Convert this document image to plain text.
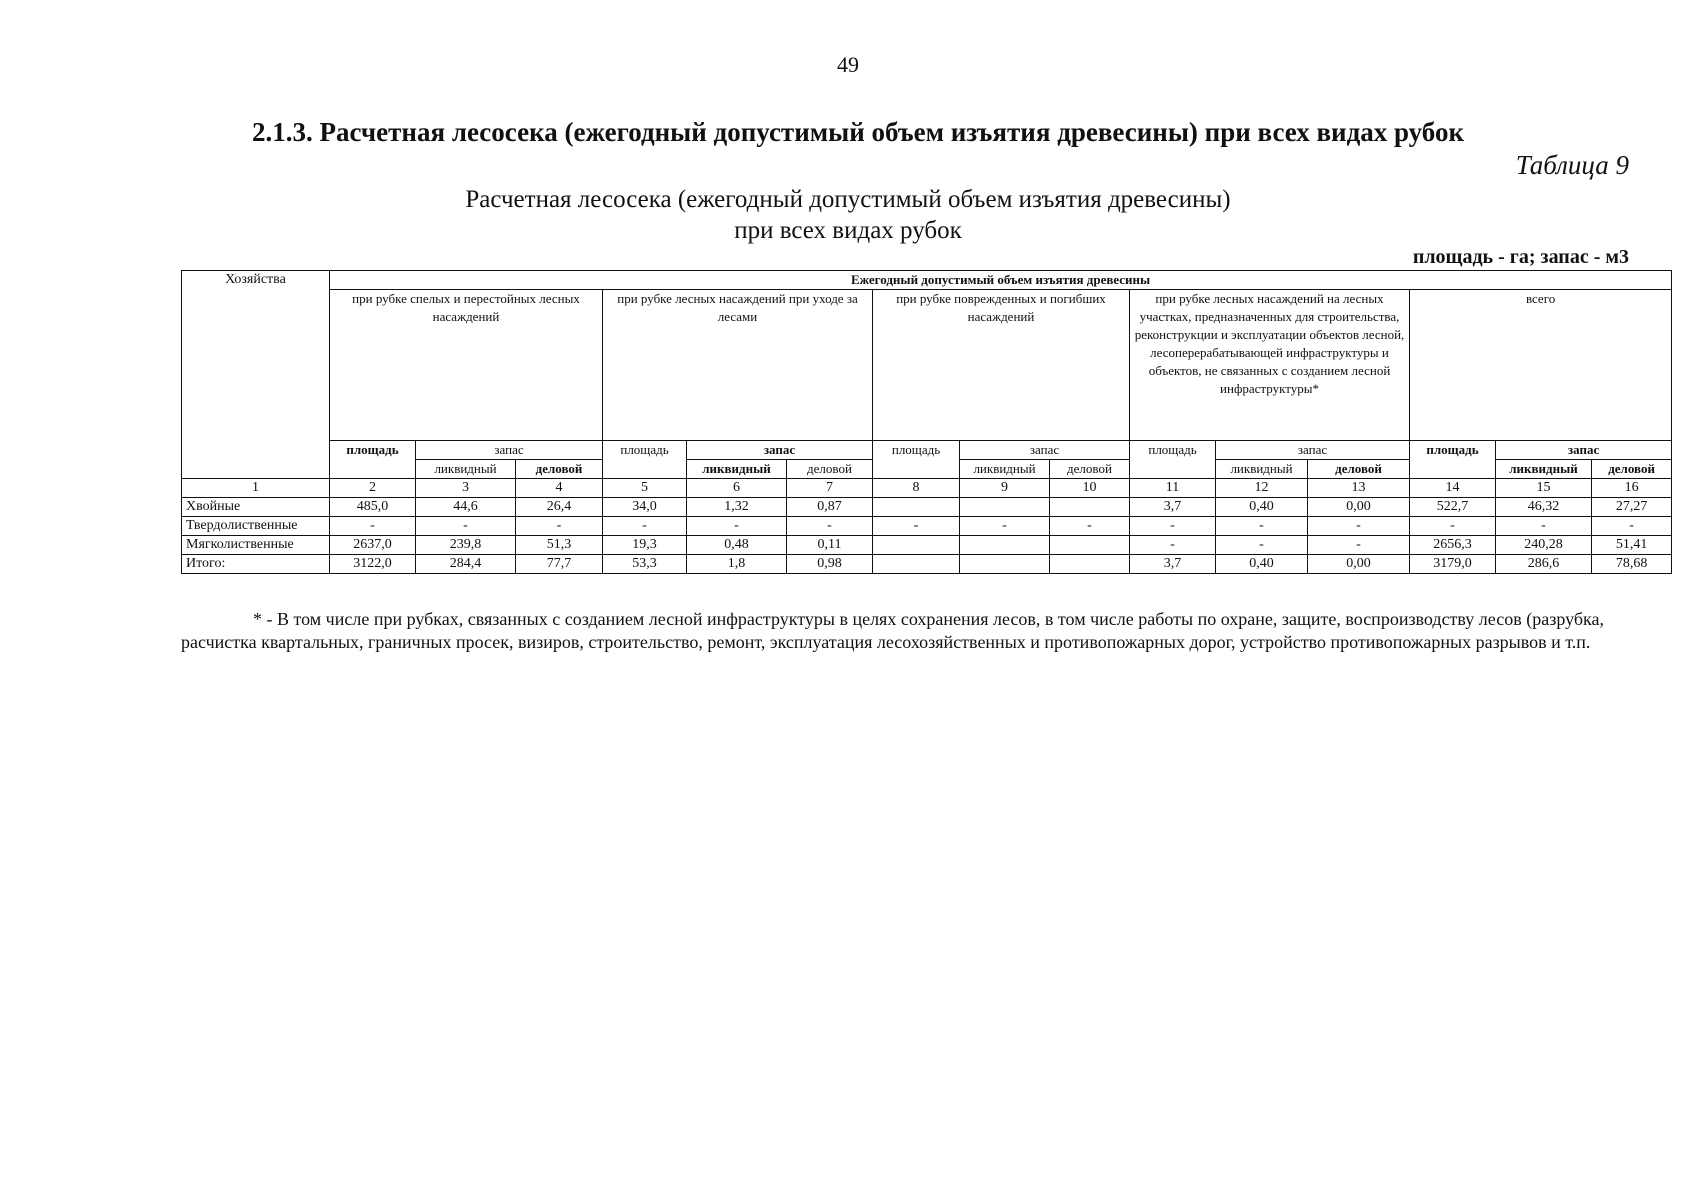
49
2.1.3. Расчетная лесосека (ежегодный допустимый объем изъятия древесины) при всех видах рубок
Таблица 9
Расчетная лесосека (ежегодный допустимый объем изъятия древесины)
при всех видах рубок
площадь - га; запас - м3
Хозяйства	Ежегодный допустимый объем изъятия древесины														
	при рубке спелых и перестойных лесных насаждений			при рубке лесных насаждений при уходе за лесами			при рубке поврежденных и погибших насаждений			при рубке лесных насаждений на лесных участках, предназначенных для строительства, реконструкции и эксплуатации объектов лесной, лесоперерабатывающей инфраструктуры и объектов, не связанных с созданием лесной инфраструктуры*			всего		
	площадь	запас		площадь	запас		площадь	запас		площадь	запас		площадь	запас	
		ликвидный	деловой		ликвидный	деловой		ликвидный	деловой		ликвидный	деловой		ликвидный	деловой
1	2	3	4	5	6	7	8	9	10	11	12	13	14	15	16
Хвойные	485,0	44,6	26,4	34,0	1,32	0,87				3,7	0,40	0,00	522,7	46,32	27,27
Твердолиственные	-	-	-	-	-	-	-	-	-	-	-	-	-	-	-
Мягколиственные	2637,0	239,8	51,3	19,3	0,48	0,11				-	-	-	2656,3	240,28	51,41
Итого:	3122,0	284,4	77,7	53,3	1,8	0,98				3,7	0,40	0,00	3179,0	286,6	78,68
* - В том числе при рубках, связанных с созданием лесной инфраструктуры в целях сохранения лесов, в том числе работы по охране, защите, воспроизводству лесов (разрубка, расчистка квартальных, граничных просек, визиров, строительство, ремонт, эксплуатация лесохозяйственных и противопожарных дорог, устройство противопожарных разрывов и т.п.
